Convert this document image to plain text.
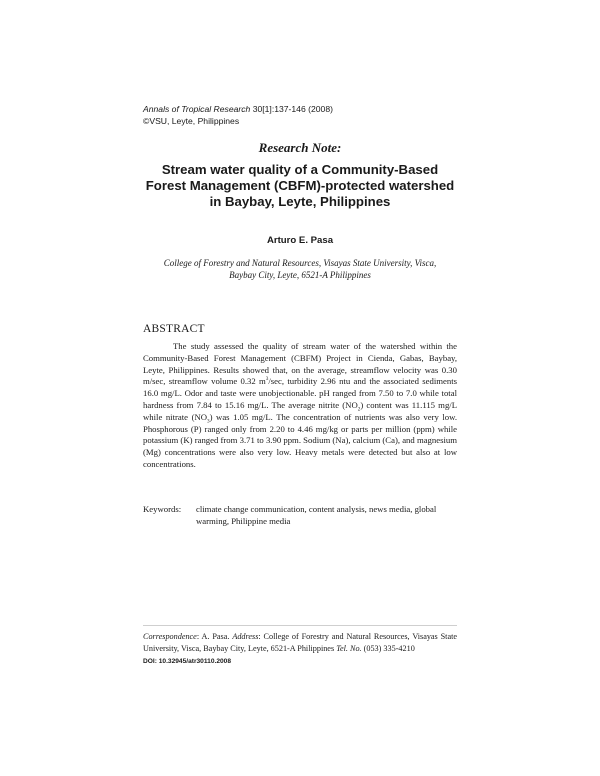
Annals of Tropical Research 30[1]:137-146 (2008)
©VSU, Leyte, Philippines
Research Note:
Stream water quality of a Community-Based
Forest Management (CBFM)-protected watershed
in Baybay, Leyte, Philippines
Arturo E. Pasa
College of Forestry and Natural Resources, Visayas State University, Visca,
Baybay City, Leyte, 6521-A Philippines
ABSTRACT

The study assessed the quality of stream water of the watershed within the Community-Based Forest Management (CBFM) Project in Cienda, Gabas, Baybay, Leyte, Philippines. Results showed that, on the average, streamflow velocity was 0.30 m/sec, streamflow volume 0.32 $m^3/\sec$, turbidity 2.96 ntu and the associated sediments 16.0 mg/L. Odor and taste were unobjectionable. pH ranged from 7.50 to 7.0 while total hardness from 7.84 to 15.16 mg/L. The average nitrite $(NO_2)$ content was 11.115 mg/L while nitrate $(NO_3)$ was 1.05 mg/L. The concentration of nutrients was also very low. Phosphorous (P) ranged only from 2.20 to 4.46 mg/kg or parts per million (ppm) while potassium (K) ranged from 3.71 to 3.90 ppm. Sodium (Na), calcium (Ca), and magnesium (Mg) concentrations were also very low. Heavy metals were detected but also at low concentrations.

Keywords: climate change communication, content analysis, news media, global warming, Philippine media
Correspondence: A. Pasa. Address: College of Forestry and Natural Resources, Visayas State University, Visca, Baybay City, Leyte, 6521-A Philippines Tel. No. (053) 335-4210
DOI: 10.32945/atr30110.2008
